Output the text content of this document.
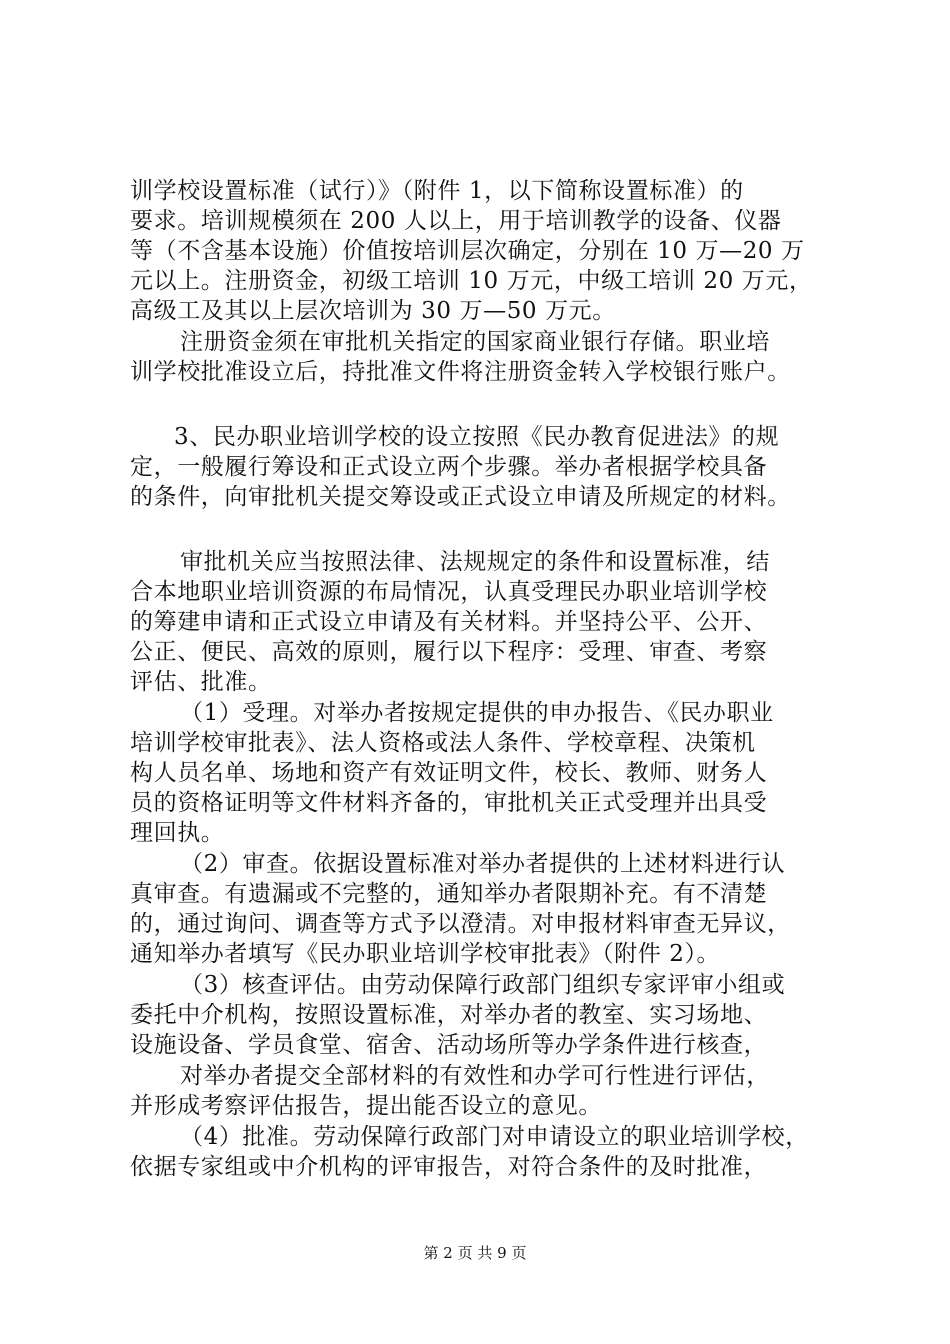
训学校设置标准（试行）》（附件 1，以下简称设置标准）的
要求。培训规模须在 200 人以上，用于培训教学的设备、仪器
等（不含基本设施）价值按培训层次确定，分别在 10 万—20 万
元以上。注册资金，初级工培训 10 万元，中级工培训 20 万元，
高级工及其以上层次培训为 30 万—50 万元。
注册资金须在审批机关指定的国家商业银行存储。职业培
训学校批准设立后，持批准文件将注册资金转入学校银行账户。
3、民办职业培训学校的设立按照《民办教育促进法》的规
定，一般履行筹设和正式设立两个步骤。举办者根据学校具备
的条件，向审批机关提交筹设或正式设立申请及所规定的材料。
审批机关应当按照法律、法规规定的条件和设置标准，结
合本地职业培训资源的布局情况，认真受理民办职业培训学校
的筹建申请和正式设立申请及有关材料。并坚持公平、公开、
公正、便民、高效的原则，履行以下程序：受理、审查、考察
评估、批准。
（1）受理。对举办者按规定提供的申办报告、《民办职业
培训学校审批表》、法人资格或法人条件、学校章程、决策机
构人员名单、场地和资产有效证明文件，校长、教师、财务人
员的资格证明等文件材料齐备的，审批机关正式受理并出具受
理回执。
（2）审查。依据设置标准对举办者提供的上述材料进行认
真审查。有遗漏或不完整的，通知举办者限期补充。有不清楚
的，通过询问、调查等方式予以澄清。对申报材料审查无异议，
通知举办者填写《民办职业培训学校审批表》（附件 2）。
（3）核查评估。由劳动保障行政部门组织专家评审小组或
委托中介机构，按照设置标准，对举办者的教室、实习场地、
设施设备、学员食堂、宿舍、活动场所等办学条件进行核查，
对举办者提交全部材料的有效性和办学可行性进行评估，
并形成考察评估报告，提出能否设立的意见。
（4）批准。劳动保障行政部门对申请设立的职业培训学校，
依据专家组或中介机构的评审报告，对符合条件的及时批准，
第 2 页 共 9 页
